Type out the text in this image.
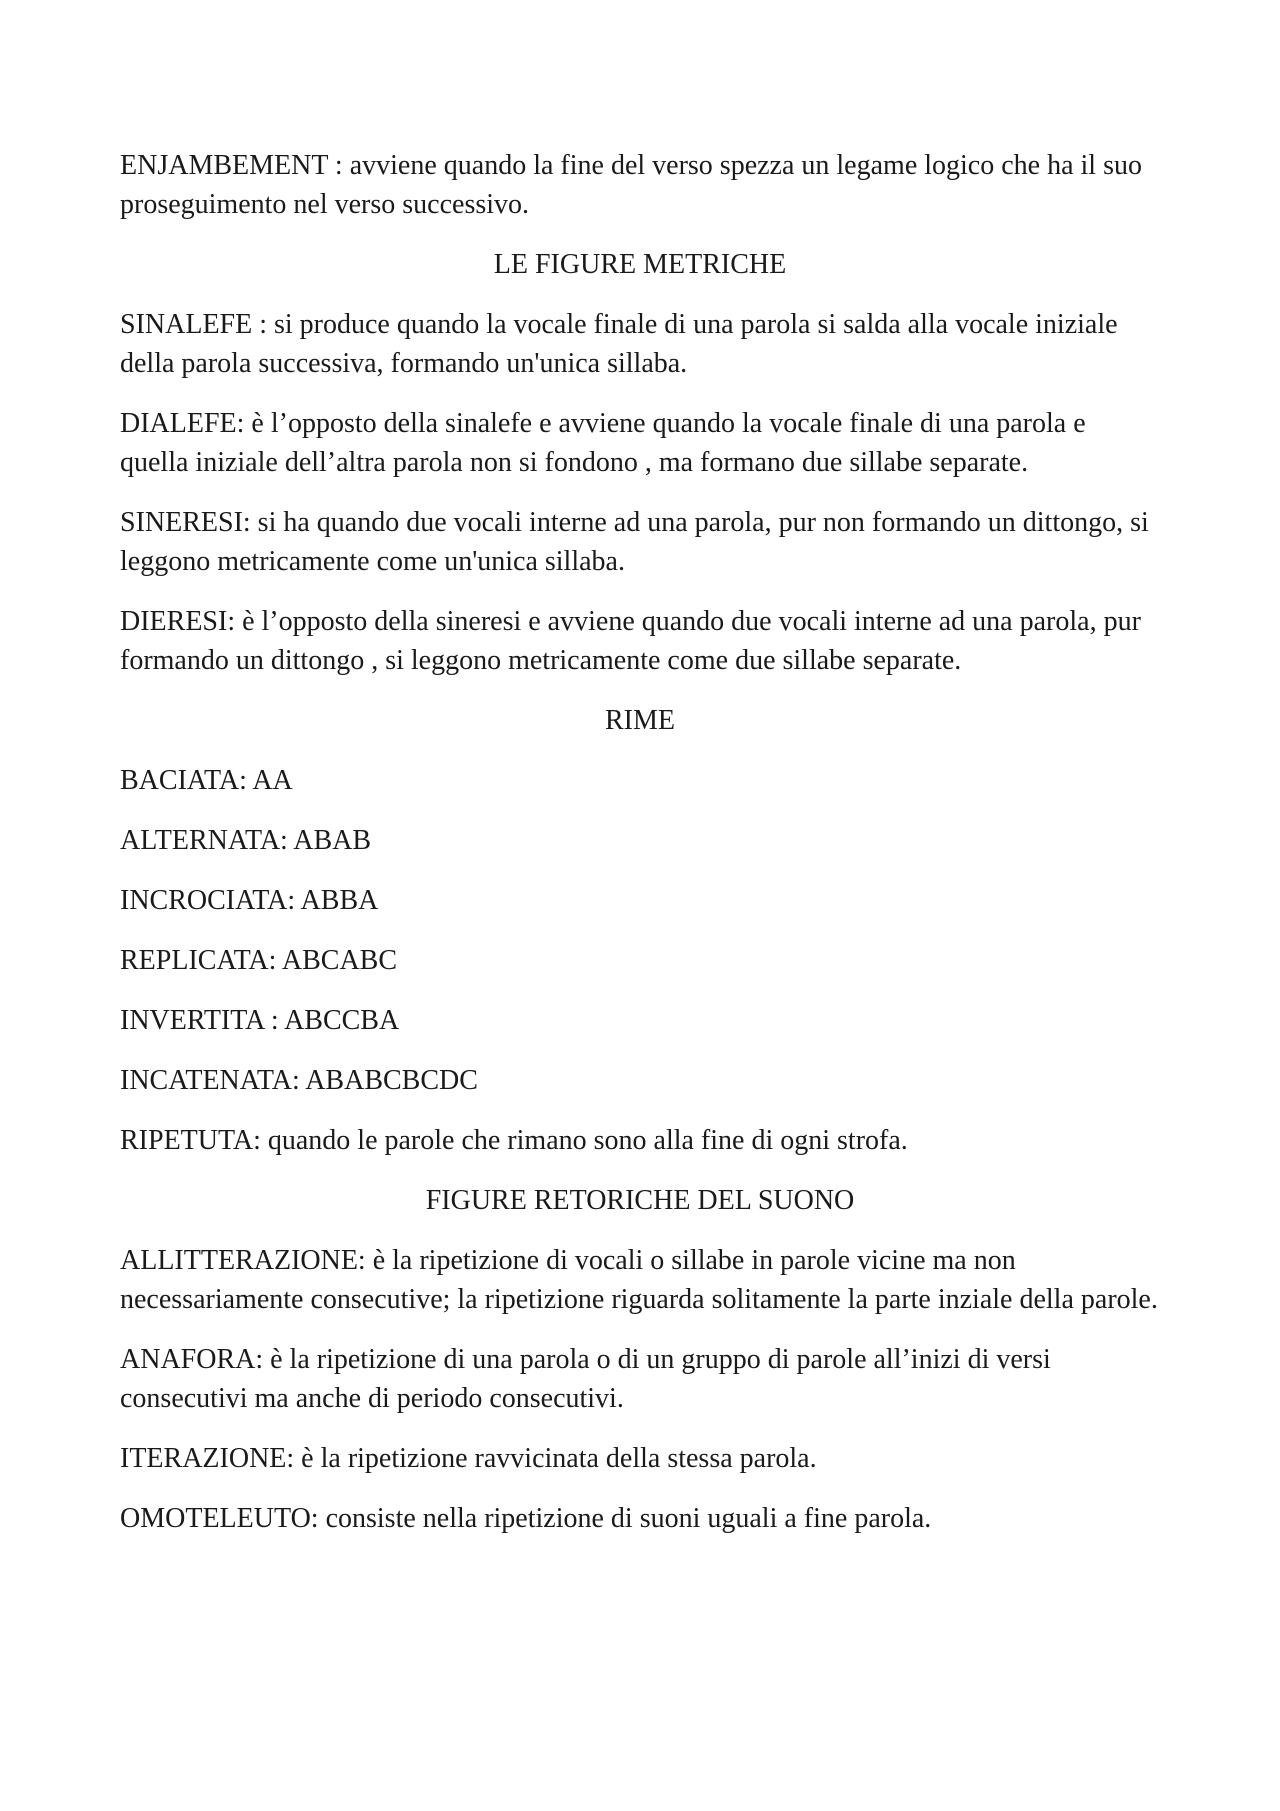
ENJAMBEMENT : avviene quando la fine del verso spezza un legame logico che ha il suo proseguimento nel verso successivo.

LE FIGURE METRICHE

SINALEFE : si produce quando la vocale finale di una parola si salda alla vocale iniziale della parola successiva, formando un'unica sillaba.

DIALEFE: è l’opposto della sinalefe e avviene quando la vocale finale di una parola e quella iniziale dell’altra parola non si fondono , ma formano due sillabe separate.

SINERESI: si ha quando due vocali interne ad una parola, pur non formando un dittongo, si leggono metricamente come un'unica sillaba.

DIERESI: è l’opposto della sineresi e avviene quando due vocali interne ad una parola, pur formando un dittongo , si leggono metricamente come due sillabe separate.

RIME

BACIATA: AA

ALTERNATA: ABAB

INCROCIATA: ABBA

REPLICATA: ABCABC

INVERTITA : ABCCBA

INCATENATA: ABABCBCDC

RIPETUTA: quando le parole che rimano sono alla fine di ogni strofa.

FIGURE RETORICHE DEL SUONO

ALLITTERAZIONE: è la ripetizione di vocali o sillabe in parole vicine ma non necessariamente consecutive; la ripetizione riguarda solitamente la parte inziale della parole.

ANAFORA: è la ripetizione di una parola o di un gruppo di parole all’inizi di versi consecutivi ma anche di periodo consecutivi.

ITERAZIONE: è la ripetizione ravvicinata della stessa parola.

OMOTELEUTO: consiste nella ripetizione di suoni uguali a fine parola.
